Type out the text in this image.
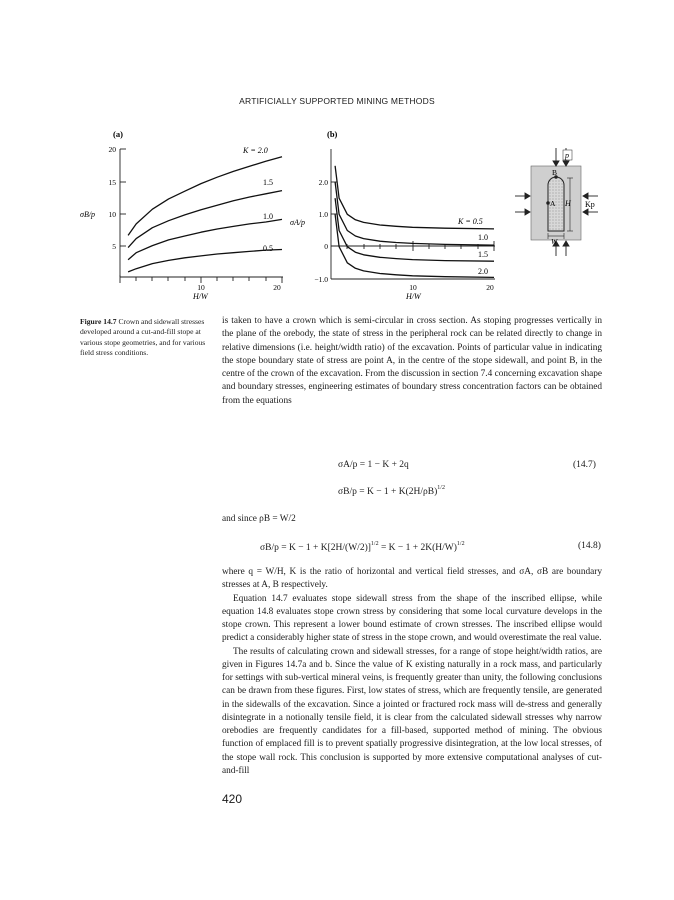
ARTIFICIALLY SUPPORTED MINING METHODS
(a)
20
15
10
5
10	20
σB/p
H/W
K = 2.0
1.5
1.0
0.5
(b)
2.0
1.0
0
−1.0
10	20
σA/p
H/W
K = 0.5
1.0
1.5
2.0
p
B
A H Kp
W
Figure 14.7 Crown and sidewall stresses developed around a cut-and-fill stope at various stope geometries, and for various field stress conditions.

is taken to have a crown which is semi-circular in cross section. As stoping progresses vertically in the plane of the orebody, the state of stress in the peripheral rock can be related directly to change in relative dimensions (i.e. height/width ratio) of the excavation. Points of particular value in indicating the stope boundary state of stress are point A, in the centre of the stope sidewall, and point B, in the centre of the crown of the excavation. From the discussion in section 7.4 concerning excavation shape and boundary stresses, engineering estimates of boundary stress concentration factors can be obtained from the equations

σA/p = 1 − K + 2q
$\sigma B/p = K - 1 + K(2H/\rho B)^{1/2}$
(14.7)
and since ρB = W/2
$\sigma B/p = K - 1 + K[2H/(W/2)]^{1/2} = K - 1 + 2K(H/W)^{1/2}$	(14.8)

where q = W/H, K is the ratio of horizontal and vertical field stresses, and σA, σB are boundary stresses at A, B respectively.

Equation 14.7 evaluates stope sidewall stress from the shape of the inscribed ellipse, while equation 14.8 evaluates stope crown stress by considering that some local curvature develops in the stope crown. This represent a lower bound estimate of crown stresses. The inscribed ellipse would predict a considerably higher state of stress in the stope crown, and would overestimate the real value.

The results of calculating crown and sidewall stresses, for a range of stope height/width ratios, are given in Figures 14.7a and b. Since the value of K existing naturally in a rock mass, and particularly for settings with sub-vertical mineral veins, is frequently greater than unity, the following conclusions can be drawn from these figures. First, low states of stress, which are frequently tensile, are generated in the sidewalls of the excavation. Since a jointed or fractured rock mass will de-stress and generally disintegrate in a notionally tensile field, it is clear from the calculated sidewall stresses why narrow orebodies are frequently candidates for a fill-based, supported method of mining. The obvious function of emplaced fill is to prevent spatially progressive disintegration, at the low local stresses, of the stope wall rock. This conclusion is supported by more extensive computational analyses of cut-and-fill

420
